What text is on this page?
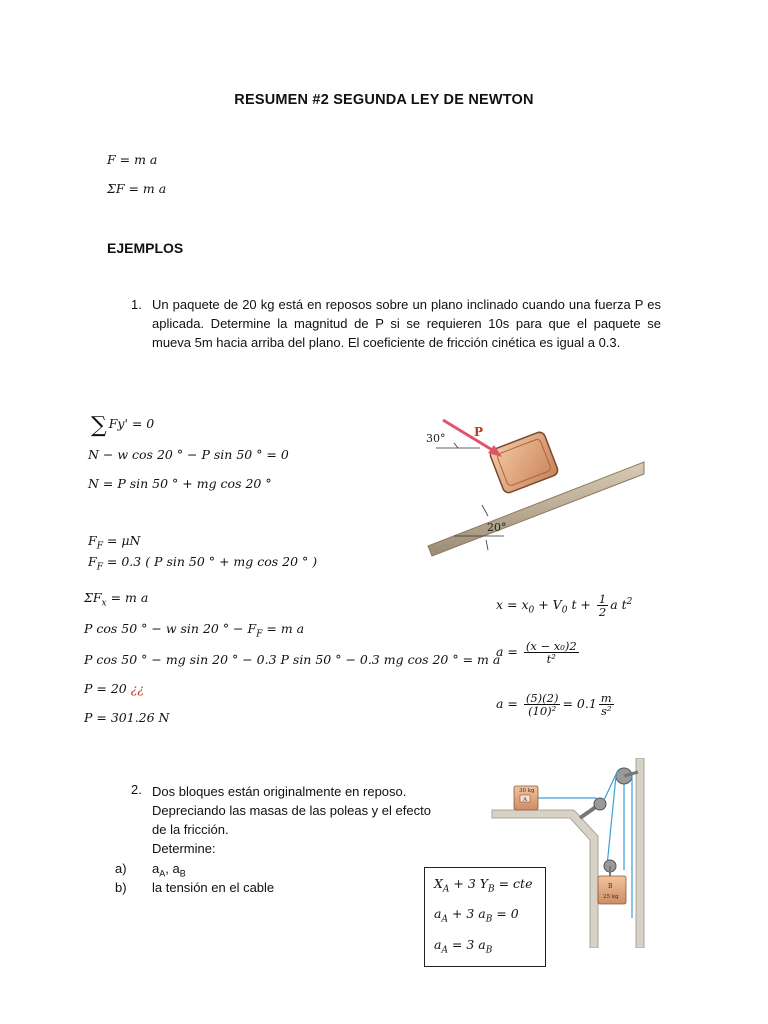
RESUMEN #2 SEGUNDA LEY DE NEWTON
F = m a
ΣF = m a
EJEMPLOS
1. Un paquete de 20 kg está en reposos sobre un plano inclinado cuando una fuerza P es aplicada. Determine la magnitud de P si se requieren 10s para que el paquete se mueva 5m hacia arriba del plano. El coeficiente de fricción cinética es igual a 0.3.
∑ Fy' = 0
N − w cos 20 ° − P sin 50 ° = 0
N = P sin 50 ° + mg cos 20 °
$F_F = \mu N$
$F_F = 0.3$ ( P sin 50 ° + mg cos 20 ° )
$\Sigma F_x = m$ a
P cos 50 ° − w sin 20 ° − $F_F = m$ a
P cos 50 ° − mg sin 20 ° − 0.3 P sin 50 ° − 0.3 mg cos 20 ° = m a
P = 20 ¿¿
P = 301.26 N
$x = x_0 + V_0$ $t + \frac{1}{2}$ a $t^2$
$a = \frac{\text{(x − x₀)2}}{\text{t²}}$
$a = \frac{(5)(2)}{\text{(10)²}} = 0.1 \frac{m}{\text{s²}}$
20°
P
30°
2. Dos bloques están originalmente en reposo.
Depreciando las masas de las poleas y el efecto
de la fricción.
Determine:
a) $a_A$, $a_B$
b) la tensión en el cable	$X_A + 3$ $Y_B$ = cte
$a_A + 3$ $a_B = 0$
$a_A = 3$ $a_B$
30 kg
A
B
25 kg
